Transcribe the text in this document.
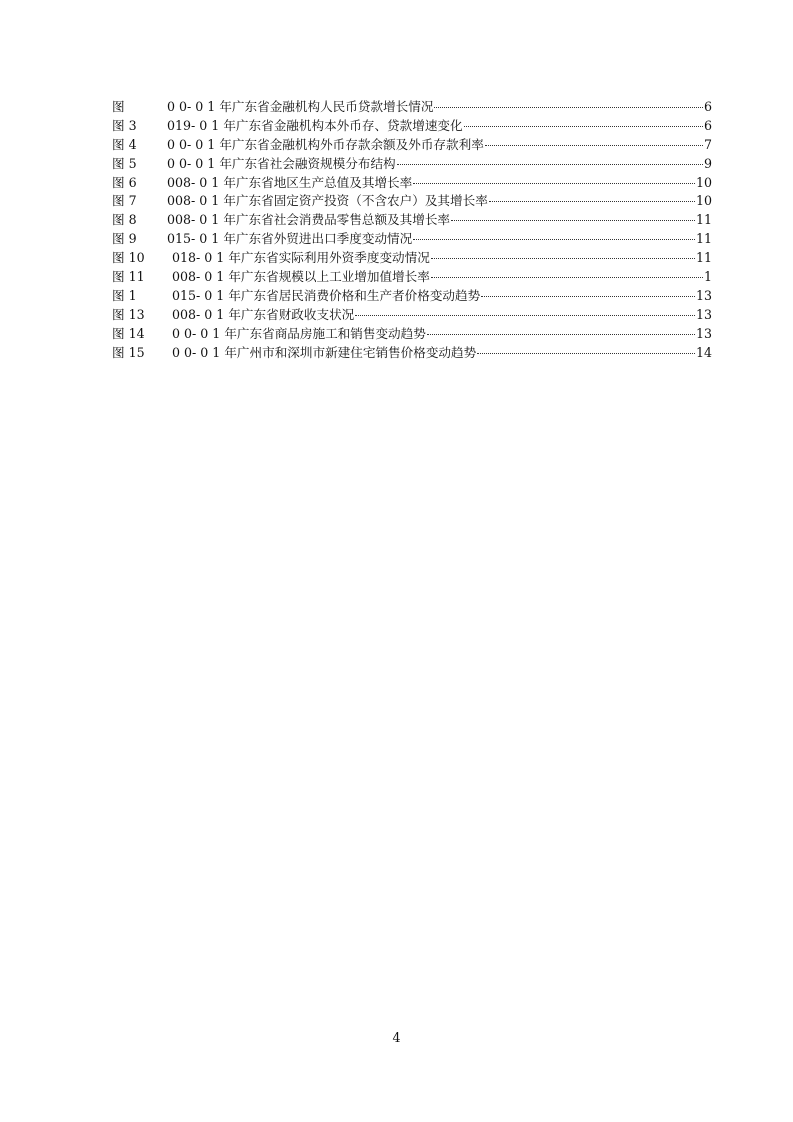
图	0 0- 0 1 年广东省金融机构人民币贷款增长情况	6
图 3	019- 0 1 年广东省金融机构本外币存、贷款增速变化	6
图 4	0 0- 0 1 年广东省金融机构外币存款余额及外币存款利率	7
图 5	0 0- 0 1 年广东省社会融资规模分布结构	9
图 6	008- 0 1 年广东省地区生产总值及其增长率	10
图 7	008- 0 1 年广东省固定资产投资（不含农户）及其增长率	10
图 8	008- 0 1 年广东省社会消费品零售总额及其增长率	11
图 9	015- 0 1 年广东省外贸进出口季度变动情况	11
图 10	018- 0 1 年广东省实际利用外资季度变动情况	11
图 11	008- 0 1 年广东省规模以上工业增加值增长率	1
图 1	015- 0 1 年广东省居民消费价格和生产者价格变动趋势	13
图 13	008- 0 1 年广东省财政收支状况	13
图 14	0 0- 0 1 年广东省商品房施工和销售变动趋势	13
图 15	0 0- 0 1 年广州市和深圳市新建住宅销售价格变动趋势	14
4
